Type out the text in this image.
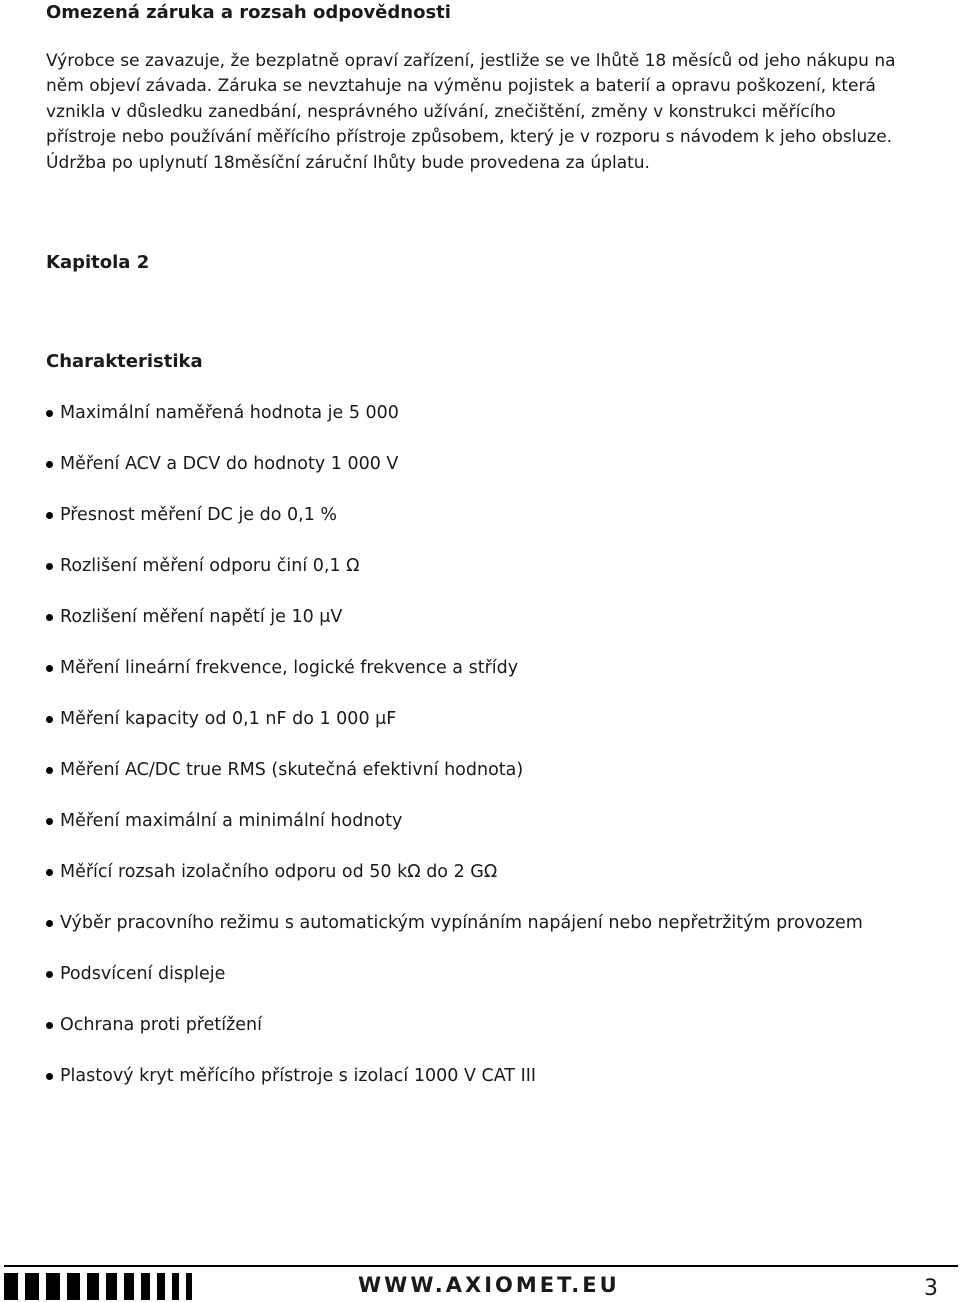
Omezená záruka a rozsah odpovědnosti
Výrobce se zavazuje, že bezplatně opraví zařízení, jestliže se ve lhůtě 18 měsíců od jeho nákupu na
něm objeví závada. Záruka se nevztahuje na výměnu pojistek a baterií a opravu poškození, která
vznikla v důsledku zanedbání, nesprávného užívání, znečištění, změny v konstrukci měřícího
přístroje nebo používání měřícího přístroje způsobem, který je v rozporu s návodem k jeho obsluze.
Údržba po uplynutí 18měsíční záruční lhůty bude provedena za úplatu.
Kapitola 2
Charakteristika
Maximální naměřená hodnota je 5 000
Měření ACV a DCV do hodnoty 1 000 V
Přesnost měření DC je do 0,1 %
Rozlišení měření odporu činí 0,1 Ω
Rozlišení měření napětí je 10 μV
Měření lineární frekvence, logické frekvence a střídy
Měření kapacity od 0,1 nF do 1 000 μF
Měření AC/DC true RMS (skutečná efektivní hodnota)
Měření maximální a minimální hodnoty
Měřící rozsah izolačního odporu od 50 kΩ do 2 GΩ
Výběr pracovního režimu s automatickým vypínáním napájení nebo nepřetržitým provozem
Podsvícení displeje
Ochrana proti přetížení
Plastový kryt měřícího přístroje s izolací 1000 V CAT III
WWW.AXIOMET.EU	3
